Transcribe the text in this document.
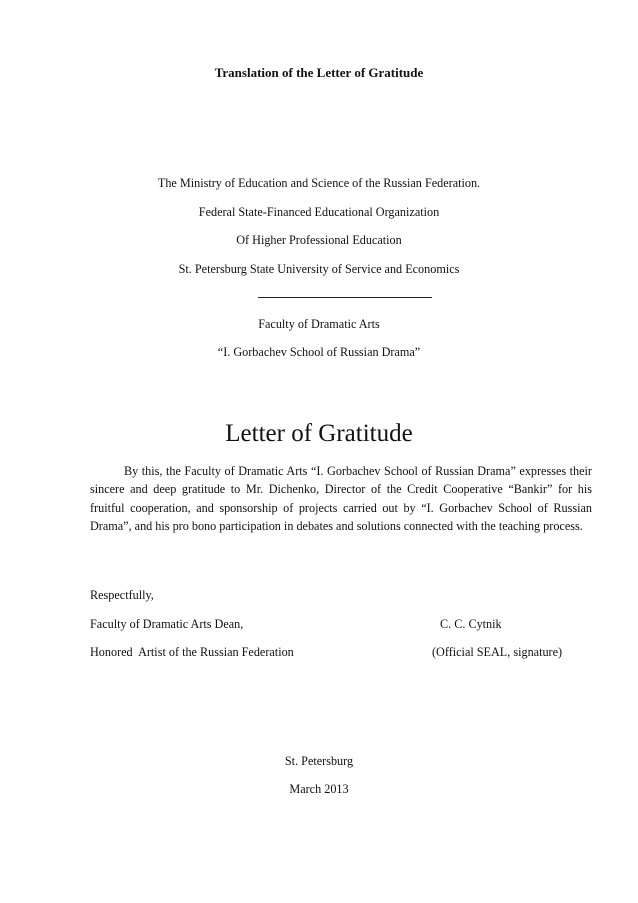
Translation of the Letter of Gratitude
The Ministry of Education and Science of the Russian Federation.
Federal State-Financed Educational Organization
Of Higher Professional Education
St. Petersburg State University of Service and Economics
Faculty of Dramatic Arts
“I. Gorbachev School of Russian Drama”
Letter of Gratitude

By this, the Faculty of Dramatic Arts “I. Gorbachev School of Russian Drama” expresses their sincere and deep gratitude to Mr. Dichenko, Director of the Credit Cooperative “Bankir” for his fruitful cooperation, and sponsorship of projects carried out by “I. Gorbachev School of Russian Drama”, and his pro bono participation in debates and solutions connected with the teaching process.

Respectfully,
Faculty of Dramatic Arts Dean,	C. C. Cytnik
Honored  Artist of the Russian Federation	(Official SEAL, signature)
St. Petersburg
March 2013
